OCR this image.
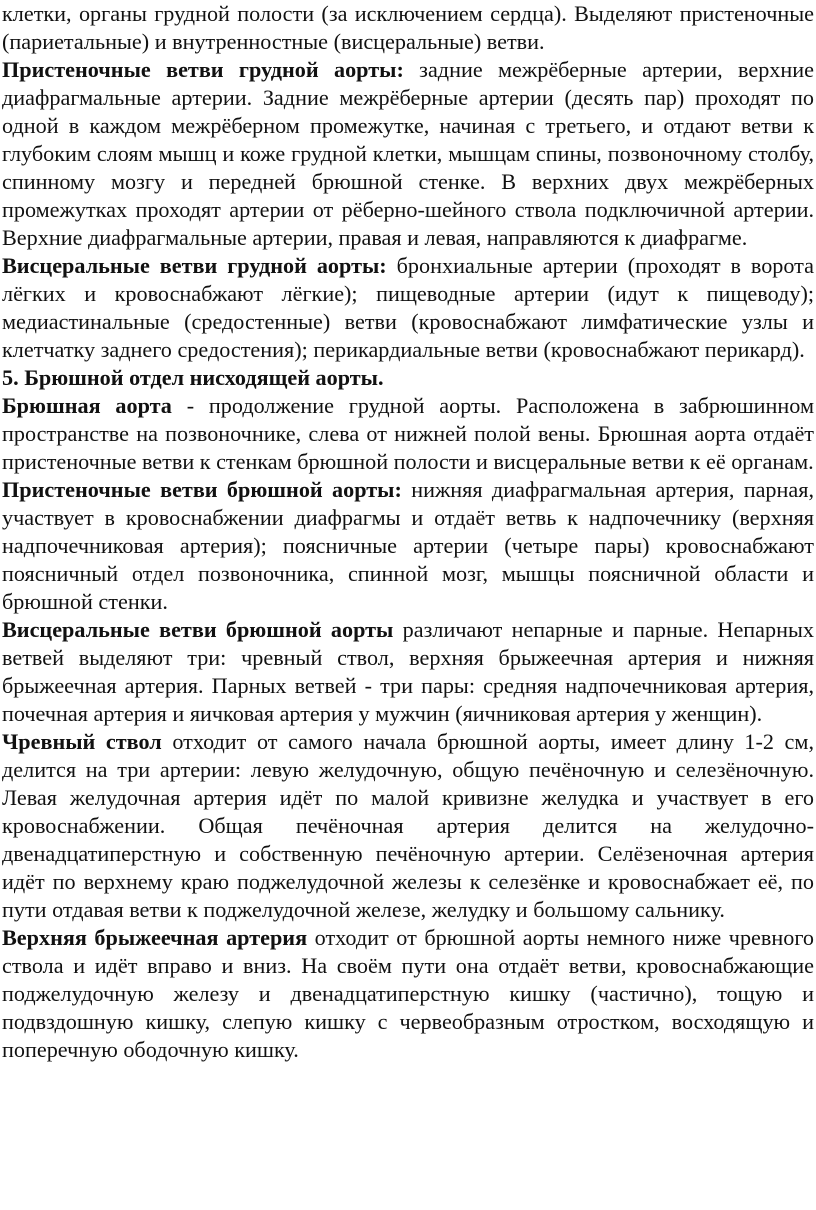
клетки, органы грудной полости (за исключением сердца). Выделяют пристеночные (париетальные) и внутренностные (висцеральные) ветви.

Пристеночные ветви грудной аорты: задние межрёберные артерии, верхние диафрагмальные артерии. Задние межрёберные артерии (десять пар) проходят по одной в каждом межрёберном промежутке, начиная с третьего, и отдают ветви к глубоким слоям мышц и коже грудной клетки, мышцам спины, позвоночному столбу, спинному мозгу и передней брюшной стенке. В верхних двух межрёберных промежутках проходят артерии от рёберно-шейного ствола подключичной артерии. Верхние диафрагмальные артерии, правая и левая, направляются к диафрагме.

Висцеральные ветви грудной аорты: бронхиальные артерии (проходят в ворота лёгких и кровоснабжают лёгкие); пищеводные артерии (идут к пищеводу); медиастинальные (средостенные) ветви (кровоснабжают лимфатические узлы и клетчатку заднего средостения); перикардиальные ветви (кровоснабжают перикард).

5. Брюшной отдел нисходящей аорты.

Брюшная аорта - продолжение грудной аорты. Расположена в забрюшинном пространстве на позвоночнике, слева от нижней полой вены. Брюшная аорта отдаёт пристеночные ветви к стенкам брюшной полости и висцеральные ветви к её органам.

Пристеночные ветви брюшной аорты: нижняя диафрагмальная артерия, парная, участвует в кровоснабжении диафрагмы и отдаёт ветвь к надпочечнику (верхняя надпочечниковая артерия); поясничные артерии (четыре пары) кровоснабжают поясничный отдел позвоночника, спинной мозг, мышцы поясничной области и брюшной стенки.

Висцеральные ветви брюшной аорты различают непарные и парные. Непарных ветвей выделяют три: чревный ствол, верхняя брыжеечная артерия и нижняя брыжеечная артерия. Парных ветвей - три пары: средняя надпочечниковая артерия, почечная артерия и яичковая артерия у мужчин (яичниковая артерия у женщин).

Чревный ствол отходит от самого начала брюшной аорты, имеет длину 1-2 см, делится на три артерии: левую желудочную, общую печёночную и селезёночную. Левая желудочная артерия идёт по малой кривизне желудка и участвует в его кровоснабжении. Общая печёночная артерия делится на желудочно-двенадцатиперстную и собственную печёночную артерии. Селёзеночная артерия идёт по верхнему краю поджелудочной железы к селезёнке и кровоснабжает её, по пути отдавая ветви к поджелудочной железе, желудку и большому сальнику.

Верхняя брыжеечная артерия отходит от брюшной аорты немного ниже чревного ствола и идёт вправо и вниз. На своём пути она отдаёт ветви, кровоснабжающие поджелудочную железу и двенадцатиперстную кишку (частично), тощую и подвздошную кишку, слепую кишку с червеобразным отростком, восходящую и поперечную ободочную кишку.
